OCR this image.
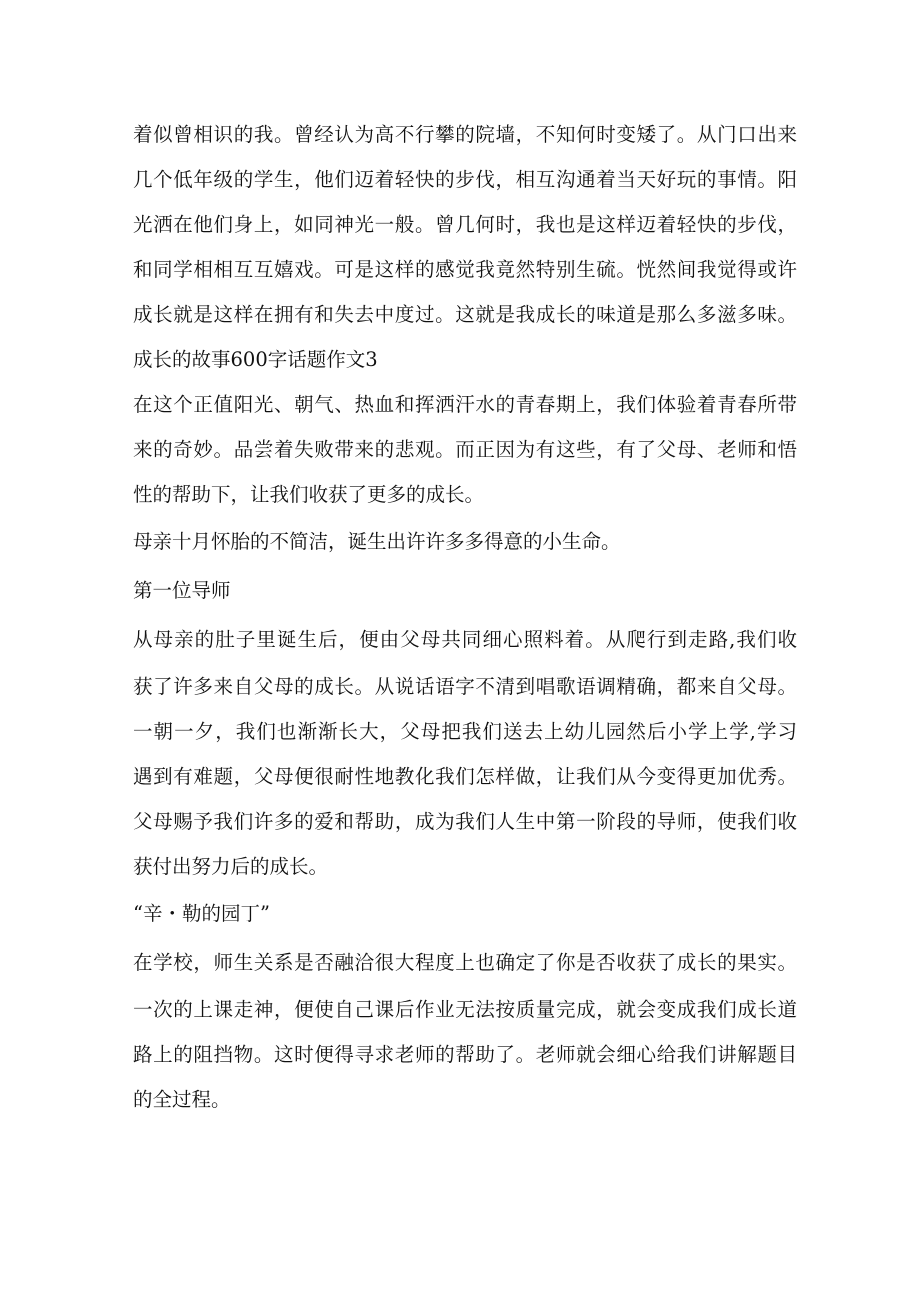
着似曾相识的我。曾经认为高不行攀的院墙，不知何时变矮了。从门口出来
几个低年级的学生，他们迈着轻快的步伐，相互沟通着当天好玩的事情。阳
光洒在他们身上，如同神光一般。曾几何时，我也是这样迈着轻快的步伐，
和同学相相互互嬉戏。可是这样的感觉我竟然特别生硫。恍然间我觉得或许
成长就是这样在拥有和失去中度过。这就是我成长的味道是那么多滋多味。
成长的故事600字话题作文3
在这个正值阳光、朝气、热血和挥洒汗水的青春期上，我们体验着青春所带
来的奇妙。品尝着失败带来的悲观。而正因为有这些，有了父母、老师和悟
性的帮助下，让我们收获了更多的成长。
母亲十月怀胎的不简洁，诞生出许许多多得意的小生命。
第一位导师
从母亲的肚子里诞生后，便由父母共同细心照料着。从爬行到走路,我们收
获了许多来自父母的成长。从说话语字不清到唱歌语调精确，都来自父母。
一朝一夕，我们也渐渐长大，父母把我们送去上幼儿园然后小学上学,学习
遇到有难题，父母便很耐性地教化我们怎样做，让我们从今变得更加优秀。
父母赐予我们许多的爱和帮助，成为我们人生中第一阶段的导师，使我们收
获付出努力后的成长。
“辛・勒的园丁”
在学校，师生关系是否融洽很大程度上也确定了你是否收获了成长的果实。
一次的上课走神，便使自己课后作业无法按质量完成，就会变成我们成长道
路上的阻挡物。这时便得寻求老师的帮助了。老师就会细心给我们讲解题目
的全过程。
